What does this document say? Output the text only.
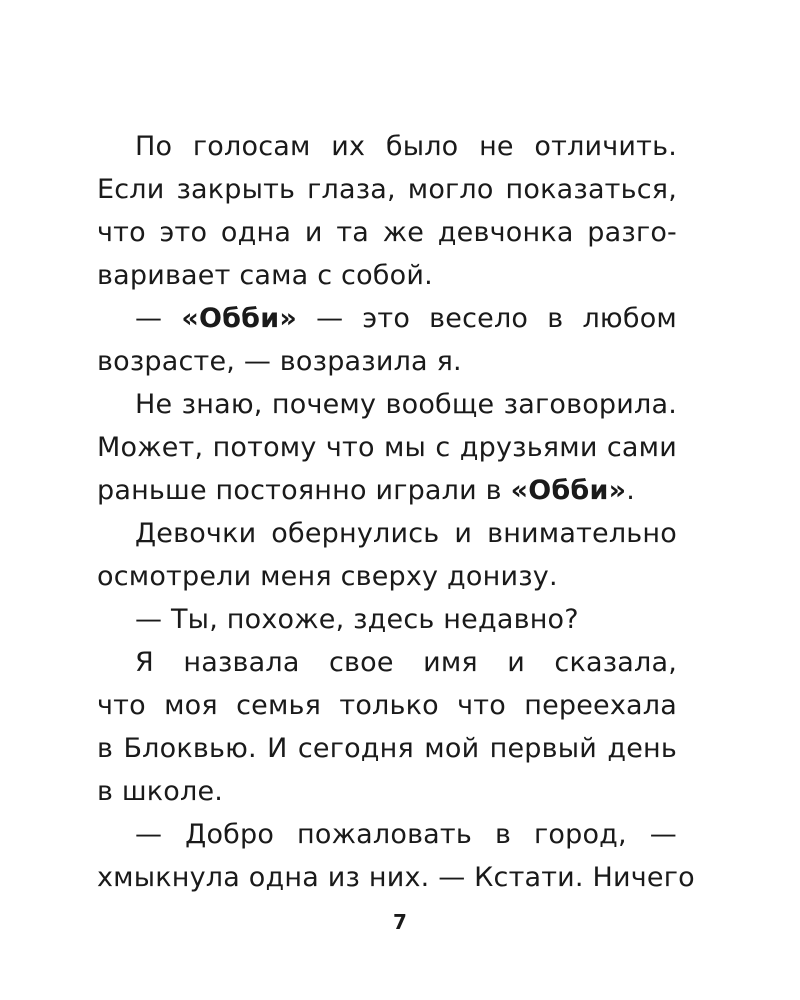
По голосам их было не отличить.
Если закрыть глаза, могло показаться,
что это одна и та же девчонка разго-
варивает сама с собой.
— «Обби» — это весело в любом
возрасте, — возразила я.
Не знаю, почему вообще заговорила.
Может, потому что мы с друзьями сами
раньше постоянно играли в «Обби».
Девочки обернулись и внимательно
осмотрели меня сверху донизу.
— Ты, похоже, здесь недавно?
Я назвала свое имя и сказала,
что моя семья только что переехала
в Блоквью. И сегодня мой первый день
в школе.
— Добро пожаловать в город, —
хмыкнула одна из них. — Кстати. Ничего
7
